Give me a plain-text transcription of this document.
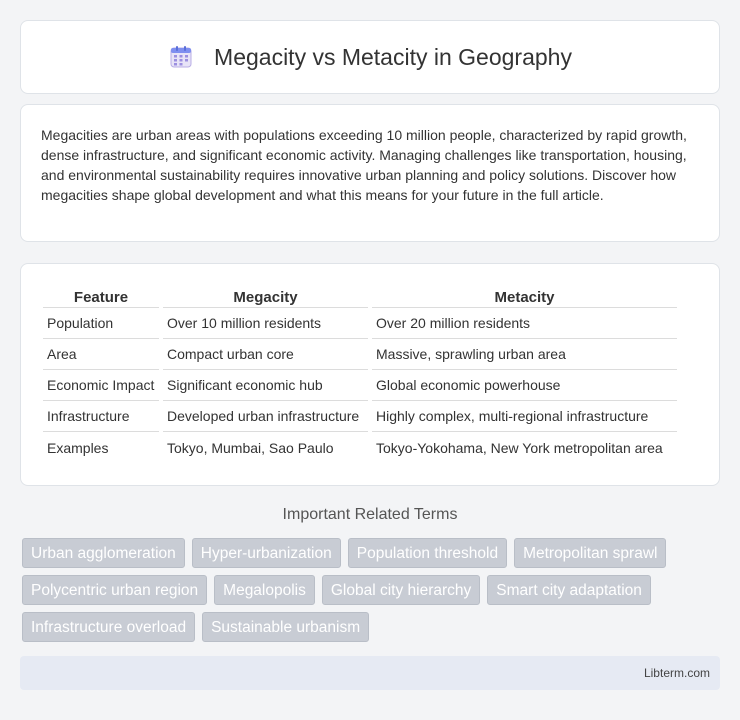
Megacity vs Metacity in Geography

Megacities are urban areas with populations exceeding 10 million people, characterized by rapid growth, dense infrastructure, and significant economic activity. Managing challenges like transportation, housing, and environmental sustainability requires innovative urban planning and policy solutions. Discover how megacities shape global development and what this means for your future in the full article.

Feature	Megacity	Metacity
Population	Over 10 million residents	Over 20 million residents
Area	Compact urban core	Massive, sprawling urban area
Economic Impact	Significant economic hub	Global economic powerhouse
Infrastructure	Developed urban infrastructure	Highly complex, multi-regional infrastructure
Examples	Tokyo, Mumbai, Sao Paulo	Tokyo-Yokohama, New York metropolitan area
Important Related Terms
Urban agglomeration	Hyper-urbanization	Population threshold	Metropolitan sprawl
Polycentric urban region	Megalopolis	Global city hierarchy	Smart city adaptation
Infrastructure overload	Sustainable urbanism
Libterm.com
